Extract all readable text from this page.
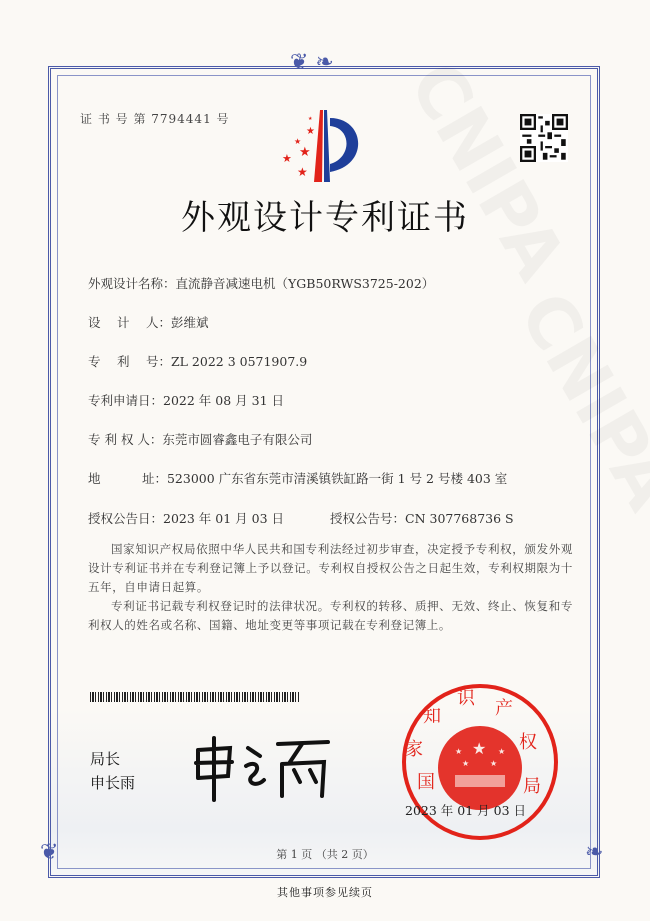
❦ ❧
❦	❧
证 书 号 第 7794441 号
★
★
★
★
★
★
外观设计专利证书
外观设计名称：直流静音减速电机（YGB50RWS3725-202）
设　 计　 人：彭维斌
专　 利　 号：ZL 2022 3 0571907.9
专利申请日：2022 年 08 月 31 日
专 利 权 人：东莞市圆睿鑫电子有限公司
地　　　 址：523000 广东省东莞市清溪镇铁缸路一街 1 号 2 号楼 403 室
授权公告日：2023 年 01 月 03 日	授权公告号：CN 307768736 S
国家知识产权局依照中华人民共和国专利法经过初步审查，决定授予专利权，颁发外观设计专利证书并在专利登记簿上予以登记。专利权自授权公告之日起生效，专利权期限为十五年，自申请日起算。
专利证书记载专利权登记时的法律状况。专利权的转移、质押、无效、终止、恢复和专利权人的姓名或名称、国籍、地址变更等事项记载在专利登记簿上。
局长
申长雨
★
★	★
★	★
国
家
知
识 产
权
局
2023 年 01 月 03 日
第 1 页 （共 2 页）
其他事项参见续页
